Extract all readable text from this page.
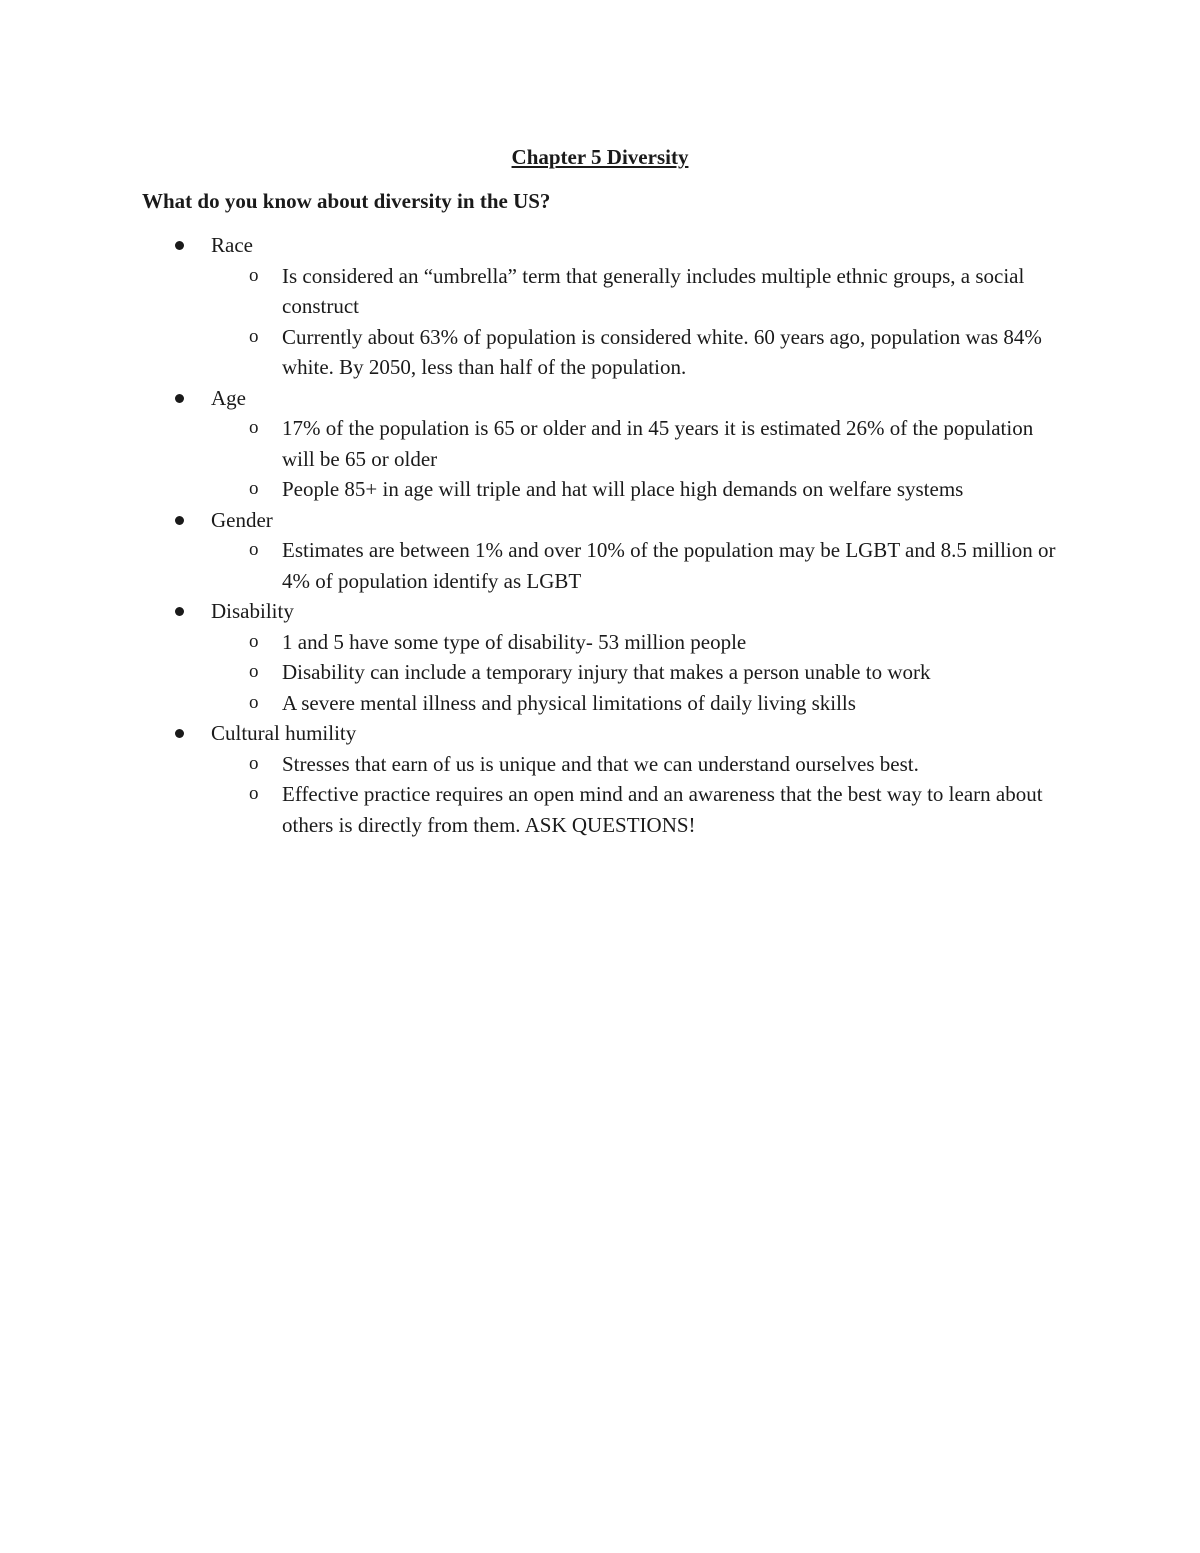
Chapter 5 Diversity

What do you know about diversity in the US?

Race
o Is considered an “umbrella” term that generally includes multiple ethnic groups, a social construct
o Currently about 63% of population is considered white. 60 years ago, population was 84% white. By 2050, less than half of the population.
Age
o 17% of the population is 65 or older and in 45 years it is estimated 26% of the population will be 65 or older
o People 85+ in age will triple and hat will place high demands on welfare systems
Gender
o Estimates are between 1% and over 10% of the population may be LGBT and 8.5 million or 4% of population identify as LGBT
Disability
o 1 and 5 have some type of disability- 53 million people
o Disability can include a temporary injury that makes a person unable to work
o A severe mental illness and physical limitations of daily living skills
Cultural humility
o Stresses that earn of us is unique and that we can understand ourselves best.
o Effective practice requires an open mind and an awareness that the best way to learn about others is directly from them. ASK QUESTIONS!
